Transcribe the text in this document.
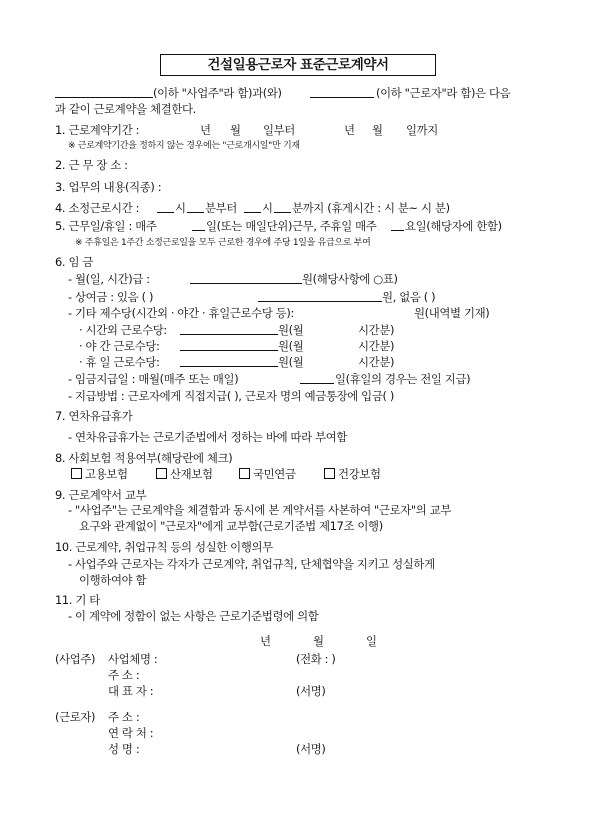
건설일용근로자 표준근로계약서
(이하 "사업주"라 함)과(와)	(이하 "근로자"라 함)은 다음
과 같이 근로계약을 체결한다.
1. 근로계약기간 :	년 월 일부터	년 월 일까지
※ 근로계약기간을 정하지 않는 경우에는 "근로개시일"만 기재
2. 근 무 장 소 :
3. 업무의 내용(직종) :
4. 소정근로시간 :	시 분부터 시 분까지 (휴게시간 : 시 분~ 시 분)
5. 근무일/휴일 : 매주	일(또는 매일단위)근무, 주휴일 매주	요일(해당자에 한함)
※ 주휴일은 1주간 소정근로일을 모두 근로한 경우에 주당 1일을 유급으로 부여
6. 임 금
- 월(일, 시간)급 :	원(해당사항에 ○표)
- 상여금 : 있음 ( )	원, 없음 ( )
- 기타 제수당(시간외 · 야간 · 휴일근로수당 등):	원(내역별 기재)
· 시간외 근로수당:	원(월	시간분)
· 야 간 근로수당:	원(월	시간분)
· 휴 일 근로수당:	원(월	시간분)
- 임금지급일 : 매월(매주 또는 매일)	일(휴일의 경우는 전일 지급)
- 지급방법 : 근로자에게 직접지급( ), 근로자 명의 예금통장에 입금( )
7. 연차유급휴가
- 연차유급휴가는 근로기준법에서 정하는 바에 따라 부여함
8. 사회보험 적용여부(해당란에 체크)
고용보험	산재보험	국민연금	건강보험
9. 근로계약서 교부
- "사업주"는 근로계약을 체결함과 동시에 본 계약서를 사본하여 "근로자"의 교부
요구와 관계없이 "근로자"에게 교부함(근로기준법 제17조 이행)
10. 근로계약, 취업규칙 등의 성실한 이행의무
- 사업주와 근로자는 각자가 근로계약, 취업규칙, 단체협약을 지키고 성실하게
이행하여야 함
11. 기 타
- 이 계약에 정함이 없는 사항은 근로기준법령에 의함
년	월	일
(사업주) 사업체명 :	(전화 : )
주 소 :
대 표 자 :	(서명)
(근로자) 주 소 :
연 락 처 :
성 명 :	(서명)
